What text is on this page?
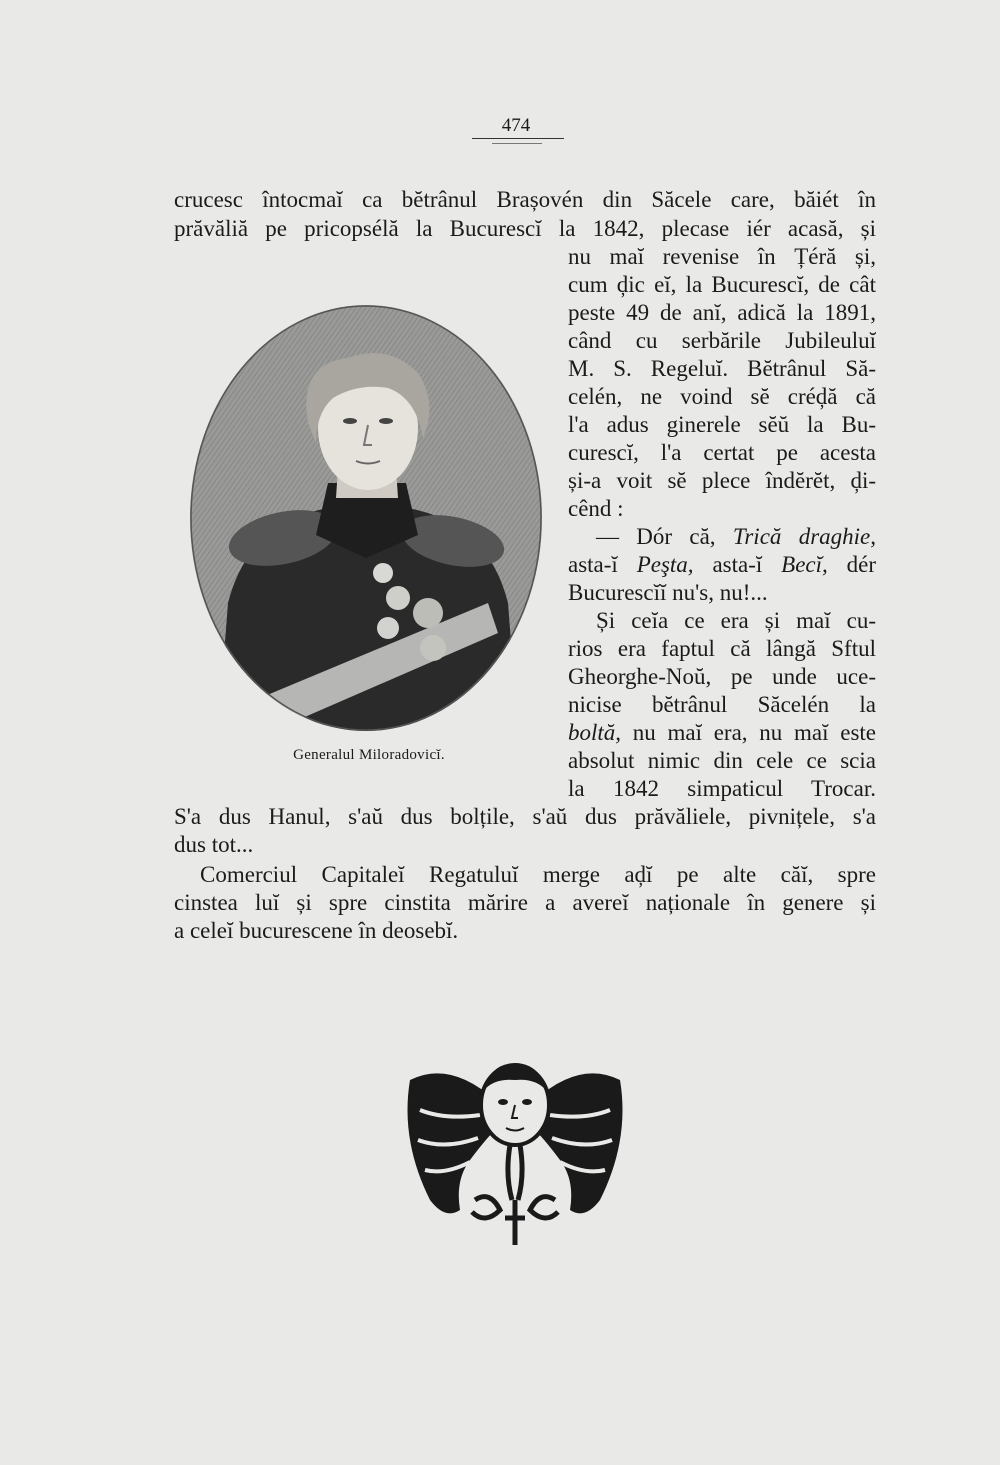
474
crucesc întocmaĭ ca bĕtrânul Brașovén din Săcele care, băiét în
prăvăliă pe pricopsélă la Bucurescĭ la 1842, plecase iér acasă, și
nu maĭ revenise în Țéră și,
cum ḑic eĭ, la Bucurescĭ, de cât
peste 49 de anĭ, adică la 1891,
când cu serbările Jubileuluĭ
M. S. Regeluĭ. Bĕtrânul Să-
celén, ne voind sĕ créḑă că
l'a adus ginerele sĕŭ la Bu-
curescĭ, l'a certat pe acesta
și-a voit sĕ plece îndĕrĕt, ḑi-
cênd :
— Dór că, Trică draghie,
asta-ĭ Peşta, asta-ĭ Becĭ, dér
Bucurescĭĭ nu's, nu!...
Și ceĭa ce era și maĭ cu-
rios era faptul că lângă Sftul
Gheorghe-Noŭ, pe unde uce-
nicise bĕtrânul Săcelén la
boltă, nu maĭ era, nu maĭ este
absolut nimic din cele ce scia
la 1842 simpaticul Trocar.
S'a dus Hanul, s'aŭ dus bolțile, s'aŭ dus prăvăliele, pivnițele, s'a
dus tot...
Comerciul Capitaleĭ Regatuluĭ merge aḑĭ pe alte căĭ, spre
cinstea luĭ și spre cinstita mărire a avereĭ naționale în genere și
a celeĭ bucurescene în deosebĭ.
Generalul Miloradovicĭ.
